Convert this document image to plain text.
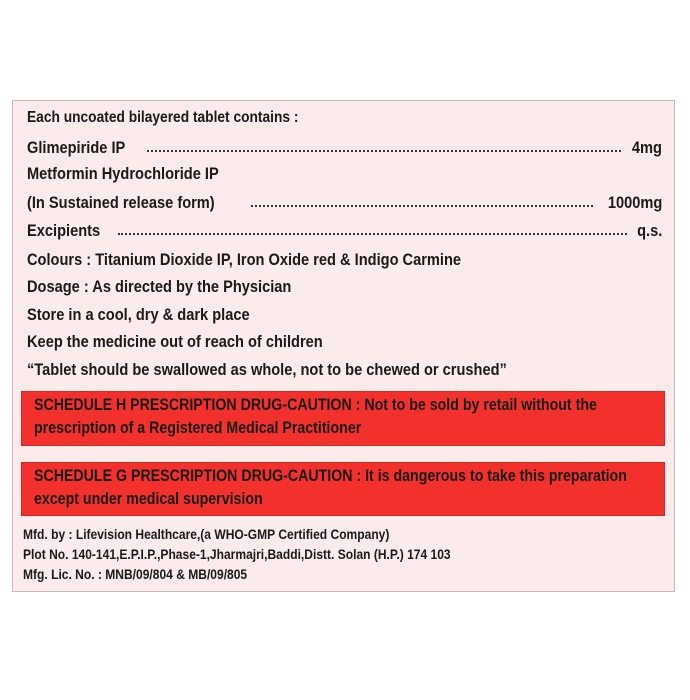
Each uncoated bilayered tablet contains :
Glimepiride IP	4mg
Metformin Hydrochloride IP
(In Sustained release form)	1000mg
Excipients	q.s.
Colours : Titanium Dioxide IP, Iron Oxide red & Indigo Carmine
Dosage : As directed by the Physician
Store in a cool, dry & dark place
Keep the medicine out of reach of children
“Tablet should be swallowed as whole, not to be chewed or crushed”
SCHEDULE H PRESCRIPTION DRUG-CAUTION : Not to be sold by retail without the prescription of a Registered Medical Practitioner
SCHEDULE G PRESCRIPTION DRUG-CAUTION : It is dangerous to take this preparation except under medical supervision
Mfd. by : Lifevision Healthcare,(a WHO-GMP Certified Company)
Plot No. 140-141,E.P.I.P.,Phase-1,Jharmajri,Baddi,Distt. Solan (H.P.) 174 103
Mfg. Lic. No. : MNB/09/804 & MB/09/805
